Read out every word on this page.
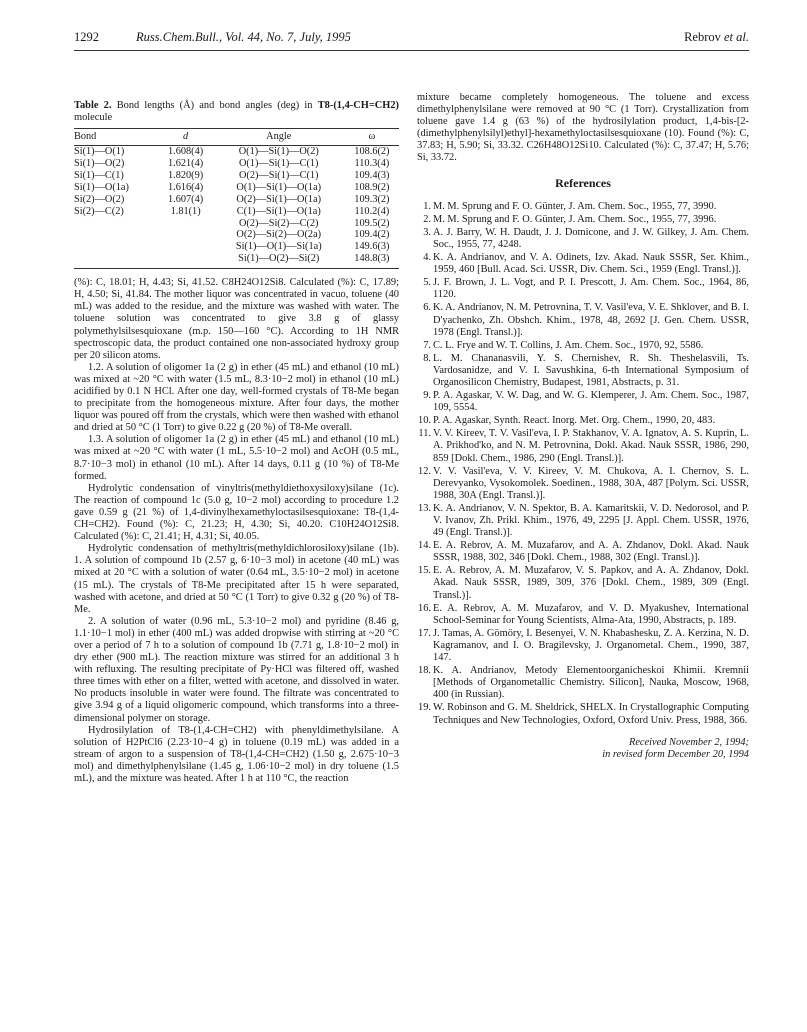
1292	Russ.Chem.Bull., Vol. 44, No. 7, July, 1995	Rebrov et al.
Table 2. Bond lengths (Å) and bond angles (deg) in T8-(1,4-CH=CH2) molecule
Bond	d	Angle	ω
Si(1)—O(1)	1.608(4)	O(1)—Si(1)—O(2)	108.6(2)
Si(1)—O(2)	1.621(4)	O(1)—Si(1)—C(1)	110.3(4)
Si(1)—C(1)	1.820(9)	O(2)—Si(1)—C(1)	109.4(3)
Si(1)—O(1a)	1.616(4)	O(1)—Si(1)—O(1a)	108.9(2)
Si(2)—O(2)	1.607(4)	O(2)—Si(1)—O(1a)	109.3(2)
Si(2)—C(2)	1.81(1)	C(1)—Si(1)—O(1a)	110.2(4)
		O(2)—Si(2)—C(2)	109.5(2)
		O(2)—Si(2)—O(2a)	109.4(2)
		Si(1)—O(1)—Si(1a)	149.6(3)
		Si(1)—O(2)—Si(2)	148.8(3)

(%): C, 18.01; H, 4.43; Si, 41.52. C8H24O12Si8. Calculated (%): C, 17.89; H, 4.50; Si, 41.84. The mother liquor was concentrated in vacuo, toluene (40 mL) was added to the residue, and the mixture was washed with water. The toluene solution was concentrated to give 3.8 g of glassy polymethylsilsesquioxane (m.p. 150—160 °C). According to 1H NMR spectroscopic data, the product contained one non-associated hydroxy group per 20 silicon atoms.

1.2. A solution of oligomer 1a (2 g) in ether (45 mL) and ethanol (10 mL) was mixed at ~20 °C with water (1.5 mL, 8.3·10−2 mol) in ethanol (10 mL) acidified by 0.1 N HCl. After one day, well-formed crystals of T8-Me began to precipitate from the homogeneous mixture. After four days, the mother liquor was poured off from the crystals, which were then washed with ethanol and dried at 50 °C (1 Torr) to give 0.22 g (20 %) of T8-Me overall.

1.3. A solution of oligomer 1a (2 g) in ether (45 mL) and ethanol (10 mL) was mixed at ~20 °C with water (1 mL, 5.5·10−2 mol) and AcOH (0.5 mL, 8.7·10−3 mol) in ethanol (10 mL). After 14 days, 0.11 g (10 %) of T8-Me formed.

Hydrolytic condensation of vinyltris(methyldiethoxysiloxy)silane (1c). The reaction of compound 1c (5.0 g, 10−2 mol) according to procedure 1.2 gave 0.59 g (21 %) of 1,4-divinylhexamethyloctasilsesquioxane: T8-(1,4-CH=CH2). Found (%): C, 21.23; H, 4.30; Si, 40.20. C10H24O12Si8. Calculated (%): C, 21.41; H, 4.31; Si, 40.05.

Hydrolytic condensation of methyltris(methyldichlorosiloxy)silane (1b). 1. A solution of compound 1b (2.57 g, 6·10−3 mol) in acetone (40 mL) was mixed at 20 °C with a solution of water (0.64 mL, 3.5·10−2 mol) in acetone (15 mL). The crystals of T8-Me precipitated after 15 h were separated, washed with acetone, and dried at 50 °C (1 Torr) to give 0.32 g (20 %) of T8-Me.

2. A solution of water (0.96 mL, 5.3·10−2 mol) and pyridine (8.46 g, 1.1·10−1 mol) in ether (400 mL) was added dropwise with stirring at ~20 °C over a period of 7 h to a solution of compound 1b (7.71 g, 1.8·10−2 mol) in dry ether (900 mL). The reaction mixture was stirred for an additional 3 h with refluxing. The resulting precipitate of Py·HCl was filtered off, washed three times with ether on a filter, wetted with acetone, and dissolved in water. No products insoluble in water were found. The filtrate was concentrated to give 3.94 g of a liquid oligomeric compound, which transforms into a three-dimensional polymer on storage.

Hydrosilylation of T8-(1,4-CH=CH2) with phenyldimethylsilane. A solution of H2PtCl6 (2.23·10−4 g) in toluene (0.19 mL) was added in a stream of argon to a suspension of T8-(1,4-CH=CH2) (1.50 g, 2.675·10−3 mol) and dimethylphenylsilane (1.45 g, 1.06·10−2 mol) in dry toluene (1.5 mL), and the mixture was heated. After 1 h at 110 °C, the reaction

mixture became completely homogeneous. The toluene and excess dimethylphenylsilane were removed at 90 °C (1 Torr). Crystallization from toluene gave 1.4 g (63 %) of the hydrosilylation product, 1,4-bis-[2-(dimethylphenylsilyl)ethyl]-hexamethyloctasilsesquioxane (10). Found (%): C, 37.83; H, 5.90; Si, 33.32. C26H48O12Si10. Calculated (%): C, 37.47; H, 5.76; Si, 33.72.

References
1. M. M. Sprung and F. O. Günter, J. Am. Chem. Soc., 1955, 77, 3990.
2. M. M. Sprung and F. O. Günter, J. Am. Chem. Soc., 1955, 77, 3996.
3. A. J. Barry, W. H. Daudt, J. J. Domicone, and J. W. Gilkey, J. Am. Chem. Soc., 1955, 77, 4248.
4. K. A. Andrianov, and V. A. Odinets, Izv. Akad. Nauk SSSR, Ser. Khim., 1959, 460 [Bull. Acad. Sci. USSR, Div. Chem. Sci., 1959 (Engl. Transl.)].
5. J. F. Brown, J. L. Vogt, and P. I. Prescott, J. Am. Chem. Soc., 1964, 86, 1120.
6. K. A. Andrianov, N. M. Petrovnina, T. V. Vasil'eva, V. E. Shklover, and B. I. D'yachenko, Zh. Obshch. Khim., 1978, 48, 2692 [J. Gen. Chem. USSR, 1978 (Engl. Transl.)].
7. C. L. Frye and W. T. Collins, J. Am. Chem. Soc., 1970, 92, 5586.
8. L. M. Chananasvili, Y. S. Chernishev, R. Sh. Theshelasvili, Ts. Vardosanidze, and V. I. Savushkina, 6-th International Symposium of Organosilicon Chemistry, Budapest, 1981, Abstracts, p. 31.
9. P. A. Agaskar, V. W. Dag, and W. G. Klemperer, J. Am. Chem. Soc., 1987, 109, 5554.
10. P. A. Agaskar, Synth. React. Inorg. Met. Org. Chem., 1990, 20, 483.
11. V. V. Kireev, T. V. Vasil'eva, I. P. Stakhanov, V. A. Ignatov, A. S. Kuprin, L. A. Prikhod'ko, and N. M. Petrovnina, Dokl. Akad. Nauk SSSR, 1986, 290, 859 [Dokl. Chem., 1986, 290 (Engl. Transl.)].
12. V. V. Vasil'eva, V. V. Kireev, V. M. Chukova, A. I. Chernov, S. L. Derevyanko, Vysokomolek. Soedinen., 1988, 30A, 487 [Polym. Sci. USSR, 1988, 30A (Engl. Transl.)].
13. K. A. Andrianov, V. N. Spektor, B. A. Kamaritskii, V. D. Nedorosol, and P. V. Ivanov, Zh. Prikl. Khim., 1976, 49, 2295 [J. Appl. Chem. USSR, 1976, 49 (Engl. Transl.)].
14. E. A. Rebrov, A. M. Muzafarov, and A. A. Zhdanov, Dokl. Akad. Nauk SSSR, 1988, 302, 346 [Dokl. Chem., 1988, 302 (Engl. Transl.)].
15. E. A. Rebrov, A. M. Muzafarov, V. S. Papkov, and A. A. Zhdanov, Dokl. Akad. Nauk SSSR, 1989, 309, 376 [Dokl. Chem., 1989, 309 (Engl. Transl.)].
16. E. A. Rebrov, A. M. Muzafarov, and V. D. Myakushev, International School-Seminar for Young Scientists, Alma-Ata, 1990, Abstracts, p. 189.
17. J. Tamas, A. Gömöry, I. Besenyei, V. N. Khabashesku, Z. A. Kerzina, N. D. Kagramanov, and I. O. Bragilevsky, J. Organometal. Chem., 1990, 387, 147.
18. K. A. Andrianov, Metody Elementoorganicheskoi Khimii. Kremnii [Methods of Organometallic Chemistry. Silicon], Nauka, Moscow, 1968, 400 (in Russian).
19. W. Robinson and G. M. Sheldrick, SHELX. In Crystallographic Computing Techniques and New Technologies, Oxford, Oxford Univ. Press, 1988, 366.
Received November 2, 1994;
in revised form December 20, 1994
